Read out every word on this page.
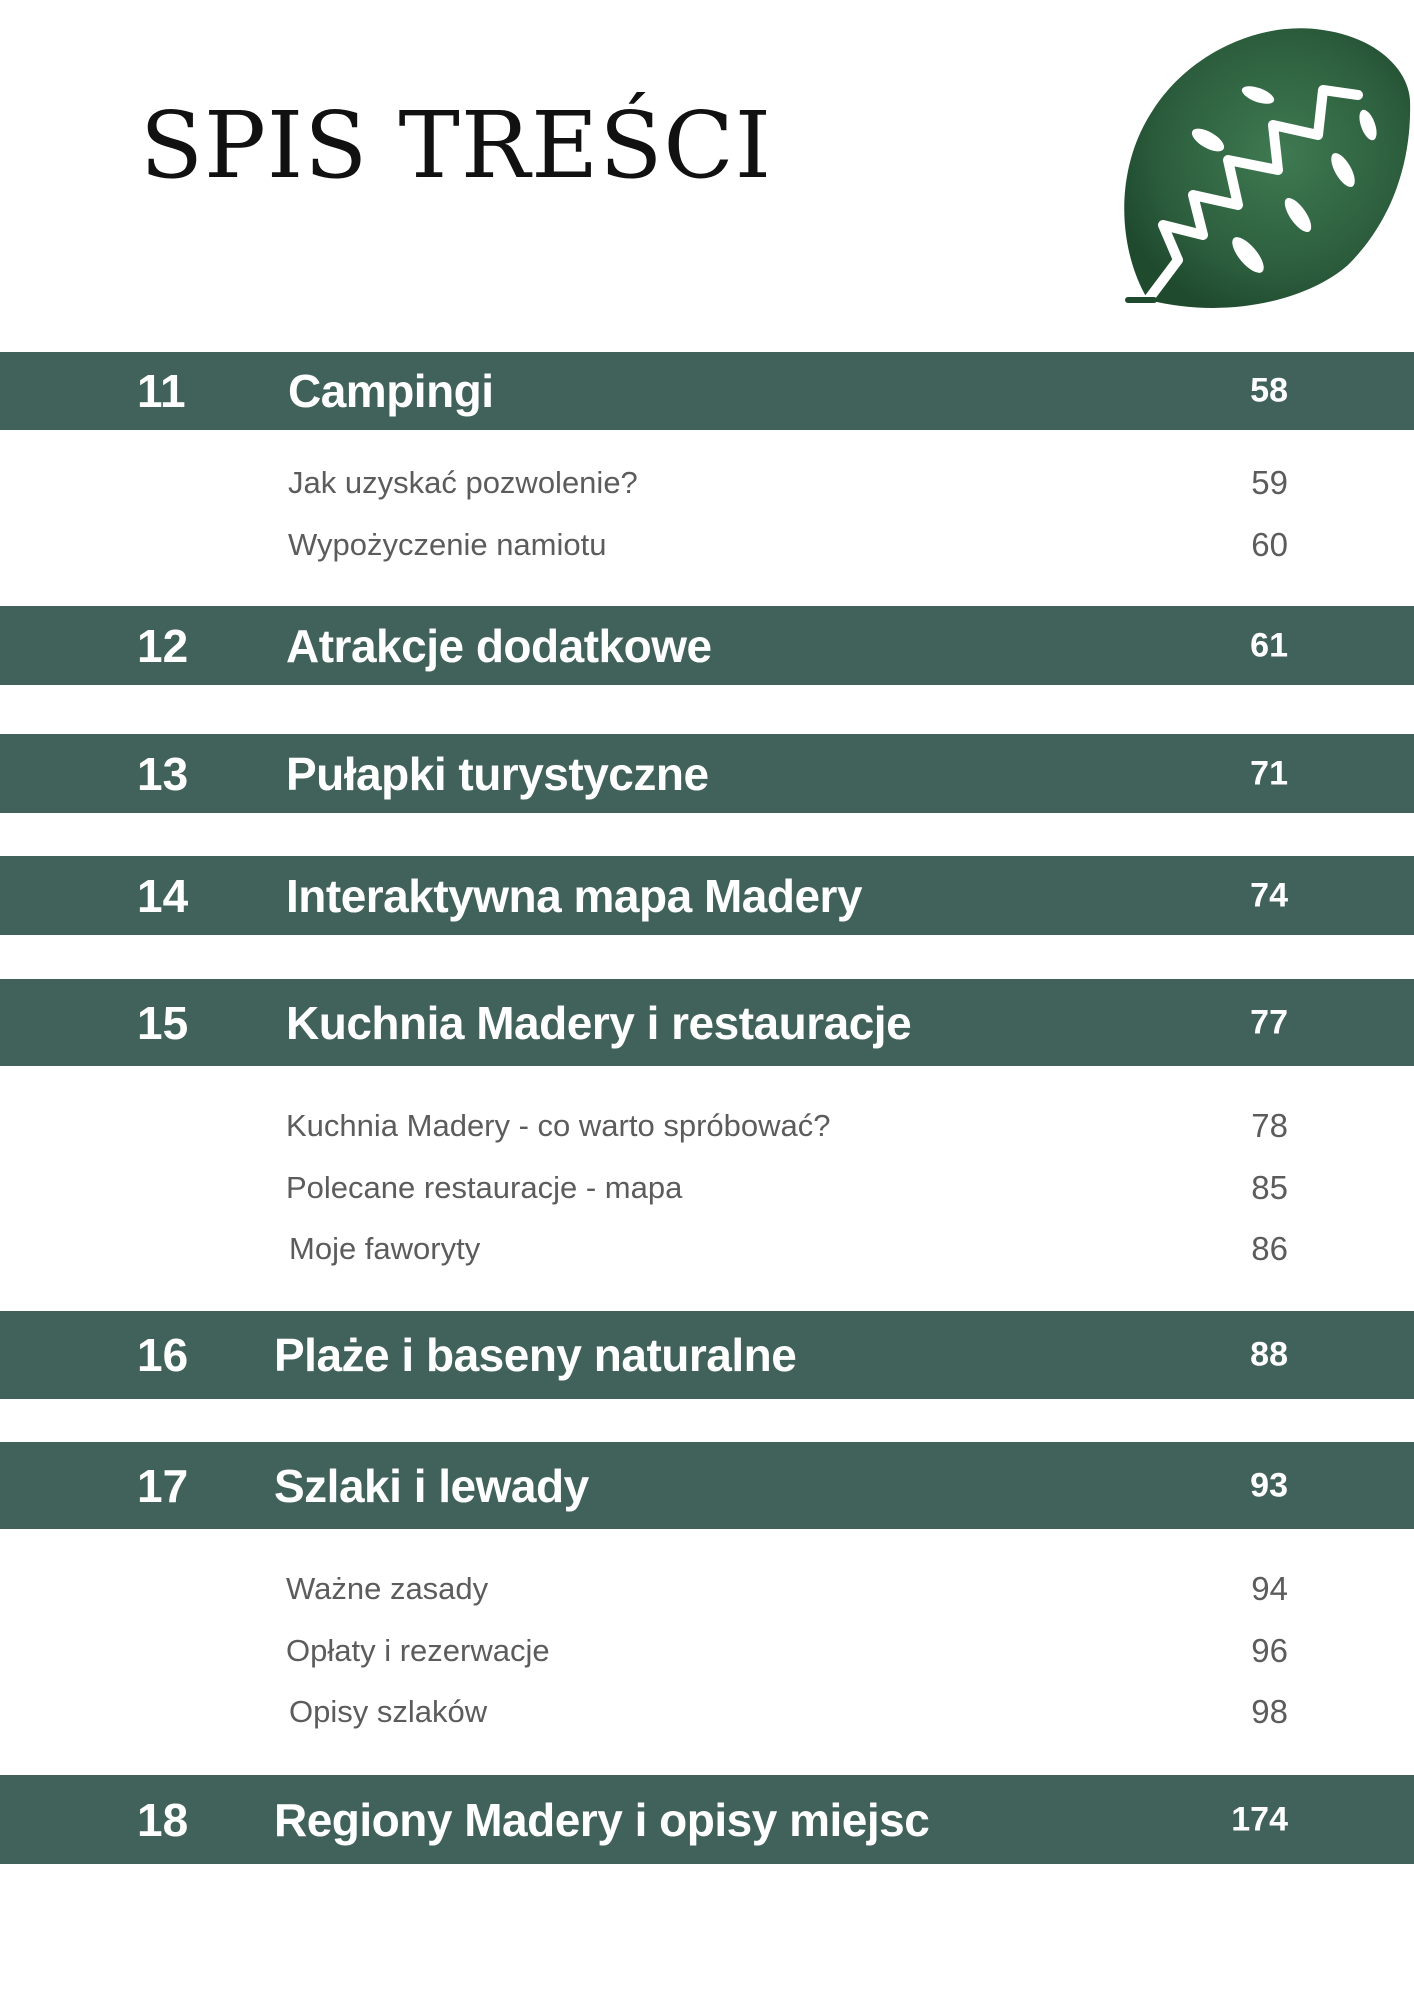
SPIS TREŚCI
11 Campingi	58
Jak uzyskać pozwolenie?	59
Wypożyczenie namiotu	60
12 Atrakcje dodatkowe	61
13 Pułapki turystyczne	71
14 Interaktywna mapa Madery	74
15 Kuchnia Madery i restauracje	77
Kuchnia Madery - co warto spróbować?	78
Polecane restauracje - mapa	85
Moje faworyty	86
16 Plaże i baseny naturalne	88
17 Szlaki i lewady	93
Ważne zasady	94
Opłaty i rezerwacje	96
Opisy szlaków	98
18 Regiony Madery i opisy miejsc	174
